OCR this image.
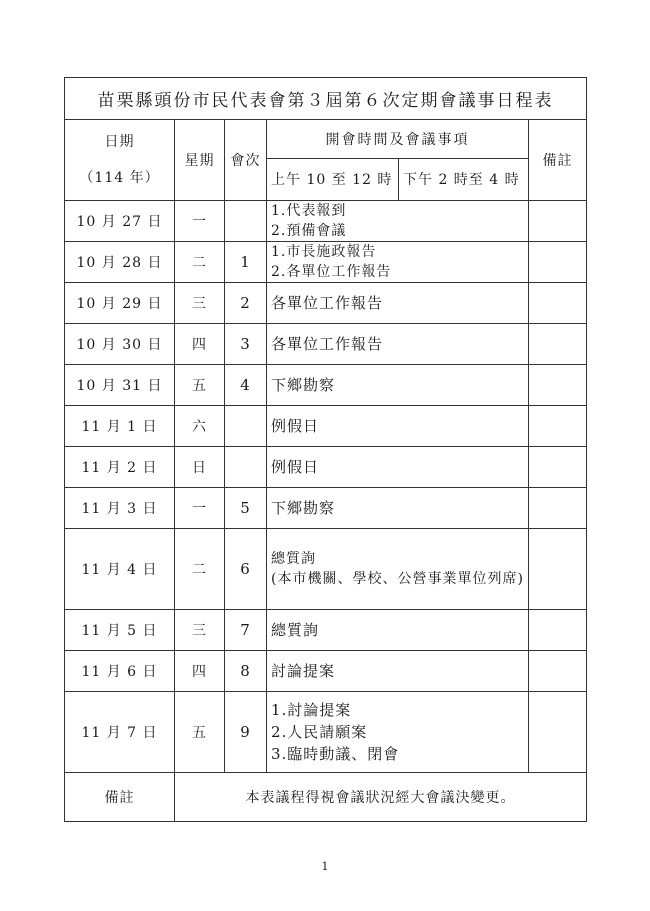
苗栗縣頭份市民代表會第３屆第６次定期會議事日程表					
日期
（114 年）	星期	會次	開會時間及會議事項		備註
			上午 10 至 12 時	下午 2 時至 4 時	
10 月 27 日	一		1.代表報到
2.預備會議		

10 月 28 日	二	1	1.市長施政報告
2.各單位工作報告		

10 月 29 日	三	2	各單位工作報告		

10 月 30 日	四	3	各單位工作報告		

10 月 31 日	五	4	下鄉勘察		

11 月 1 日	六		例假日		

11 月 2 日	日		例假日		

11 月 3 日	一	5	下鄉勘察		

11 月 4 日	二	6	總質詢
(本市機關、學校、公營事業單位列席)		

11 月 5 日	三	7	總質詢		

11 月 6 日	四	8	討論提案		

11 月 7 日	五	9	1.討論提案
2.人民請願案
3.臨時動議、閉會		

備註	本表議程得視會議狀況經大會議決變更。				
1
